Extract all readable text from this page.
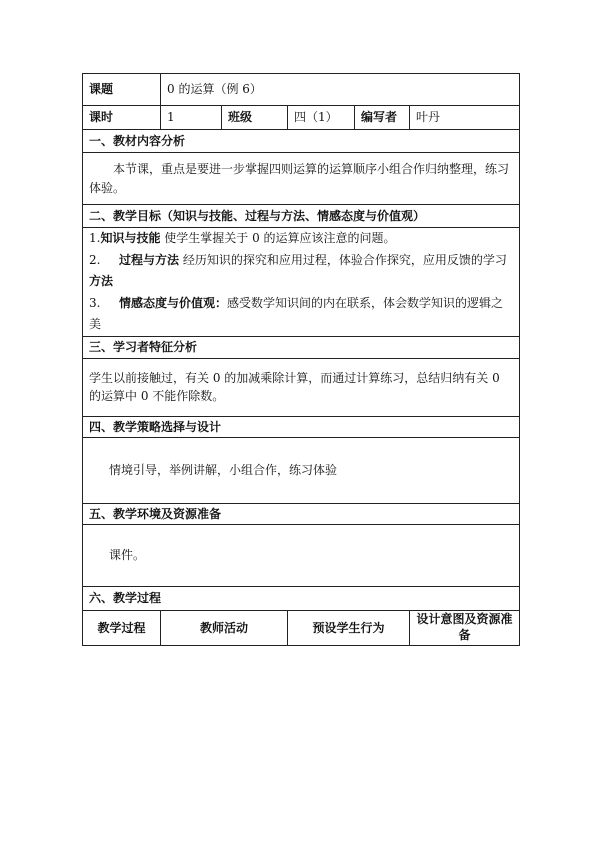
课题	0 的运算（例 6）				
课时	1	班级	四（1）	编写者	叶丹
一、教材内容分析					
本节课，重点是要进一步掌握四则运算的运算顺序小组合作归纳整理，练习体验。					
二、教学目标（知识与技能、过程与方法、情感态度与价值观）					

1.知识与技能 使学生掌握关于 0 的运算应该注意的问题。
2. 过程与方法 经历知识的探究和应用过程，体验合作探究，应用反馈的学习
方法
3. 情感态度与价值观：感受数学知识间的内在联系，体会数学知识的逻辑之美					

三、学习者特征分析					
学生以前接触过，有关 0 的加减乘除计算，而通过计算练习，总结归纳有关 0 的运算中 0 不能作除数。					
四、教学策略选择与设计					
情境引导，举例讲解，小组合作，练习体验					
五、教学环境及资源准备					
课件。					
六、教学过程					
教学过程	教师活动		预设学生行为		设计意图及资源准备
